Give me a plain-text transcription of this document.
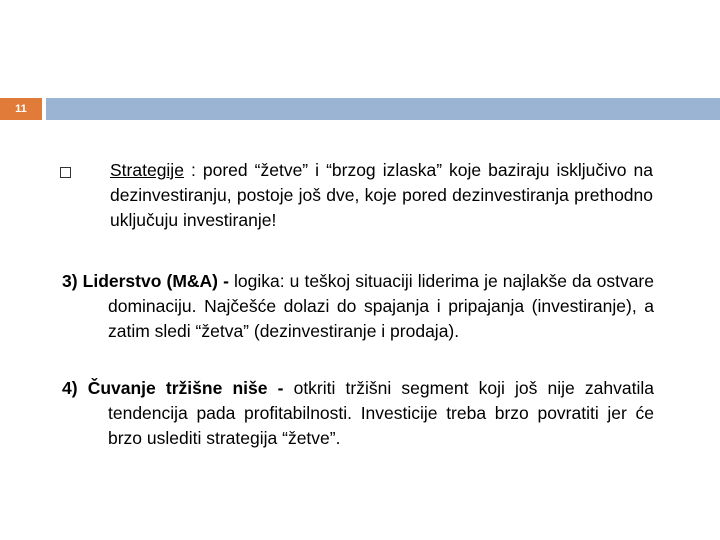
11

Strategije : pored “žetve” i “brzog izlaska” koje baziraju isključivo na dezinvestiranju, postoje još dve, koje pored dezinvestiranja prethodno uključuju investiranje!

3) Liderstvo (M&A) - logika: u teškoj situaciji liderima je najlakše da ostvare dominaciju. Najčešće dolazi do spajanja i pripajanja (investiranje), a zatim sledi “žetva” (dezinvestiranje i prodaja).

4) Čuvanje tržišne niše - otkriti tržišni segment koji još nije zahvatila tendencija pada profitabilnosti. Investicije treba brzo povratiti jer će brzo uslediti strategija “žetve”.
